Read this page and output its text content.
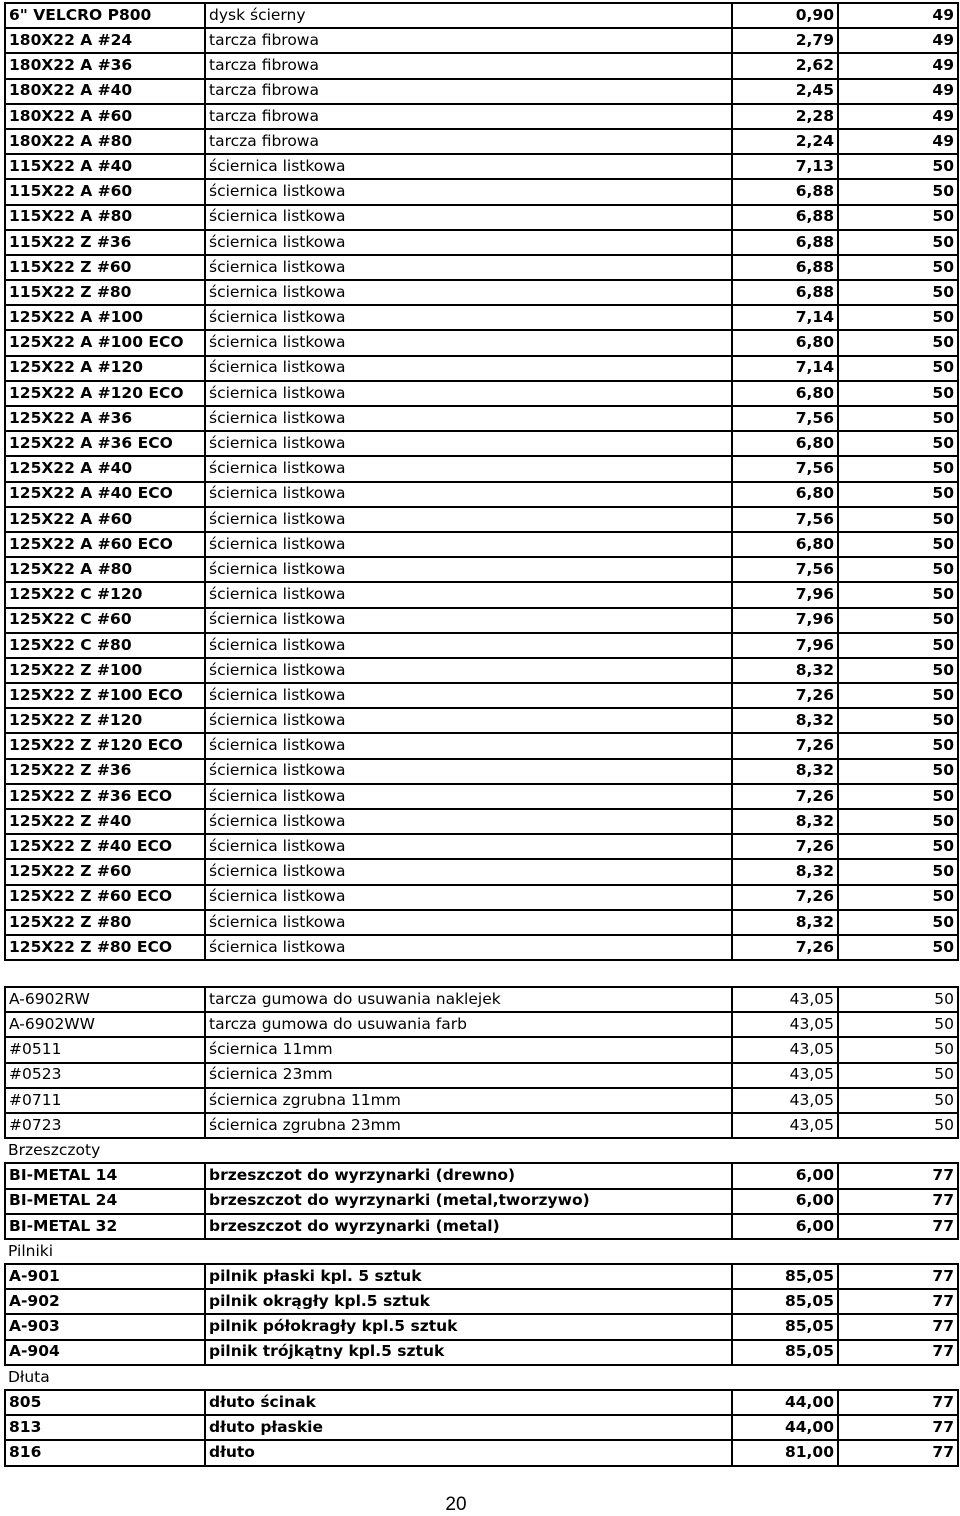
6" VELCRO P800	dysk ścierny	0,90	49
180X22 A #24	tarcza fibrowa	2,79	49
180X22 A #36	tarcza fibrowa	2,62	49
180X22 A #40	tarcza fibrowa	2,45	49
180X22 A #60	tarcza fibrowa	2,28	49
180X22 A #80	tarcza fibrowa	2,24	49
115X22 A #40	ściernica listkowa	7,13	50
115X22 A #60	ściernica listkowa	6,88	50
115X22 A #80	ściernica listkowa	6,88	50
115X22 Z #36	ściernica listkowa	6,88	50
115X22 Z #60	ściernica listkowa	6,88	50
115X22 Z #80	ściernica listkowa	6,88	50
125X22 A #100	ściernica listkowa	7,14	50
125X22 A #100 ECO	ściernica listkowa	6,80	50
125X22 A #120	ściernica listkowa	7,14	50
125X22 A #120 ECO	ściernica listkowa	6,80	50
125X22 A #36	ściernica listkowa	7,56	50
125X22 A #36 ECO	ściernica listkowa	6,80	50
125X22 A #40	ściernica listkowa	7,56	50
125X22 A #40 ECO	ściernica listkowa	6,80	50
125X22 A #60	ściernica listkowa	7,56	50
125X22 A #60 ECO	ściernica listkowa	6,80	50
125X22 A #80	ściernica listkowa	7,56	50
125X22 C #120	ściernica listkowa	7,96	50
125X22 C #60	ściernica listkowa	7,96	50
125X22 C #80	ściernica listkowa	7,96	50
125X22 Z #100	ściernica listkowa	8,32	50
125X22 Z #100 ECO	ściernica listkowa	7,26	50
125X22 Z #120	ściernica listkowa	8,32	50
125X22 Z #120 ECO	ściernica listkowa	7,26	50
125X22 Z #36	ściernica listkowa	8,32	50
125X22 Z #36 ECO	ściernica listkowa	7,26	50
125X22 Z #40	ściernica listkowa	8,32	50
125X22 Z #40 ECO	ściernica listkowa	7,26	50
125X22 Z #60	ściernica listkowa	8,32	50
125X22 Z #60 ECO	ściernica listkowa	7,26	50
125X22 Z #80	ściernica listkowa	8,32	50
125X22 Z #80 ECO	ściernica listkowa	7,26	50
A-6902RW	tarcza gumowa do usuwania naklejek	43,05	50
A-6902WW	tarcza gumowa do usuwania farb	43,05	50
#0511	ściernica 11mm	43,05	50
#0523	ściernica 23mm	43,05	50
#0711	ściernica zgrubna 11mm	43,05	50
#0723	ściernica zgrubna 23mm	43,05	50
Brzeszczoty			
BI-METAL 14	brzeszczot do wyrzynarki (drewno)	6,00	77
BI-METAL 24	brzeszczot do wyrzynarki (metal,tworzywo)	6,00	77
BI-METAL 32	brzeszczot do wyrzynarki (metal)	6,00	77
Pilniki			
A-901	pilnik płaski kpl. 5 sztuk	85,05	77
A-902	pilnik okrągły kpl.5 sztuk	85,05	77
A-903	pilnik półokragły kpl.5 sztuk	85,05	77
A-904	pilnik trójkątny kpl.5 sztuk	85,05	77
Dłuta			
805	dłuto ścinak	44,00	77
813	dłuto płaskie	44,00	77
816	dłuto	81,00	77
20
